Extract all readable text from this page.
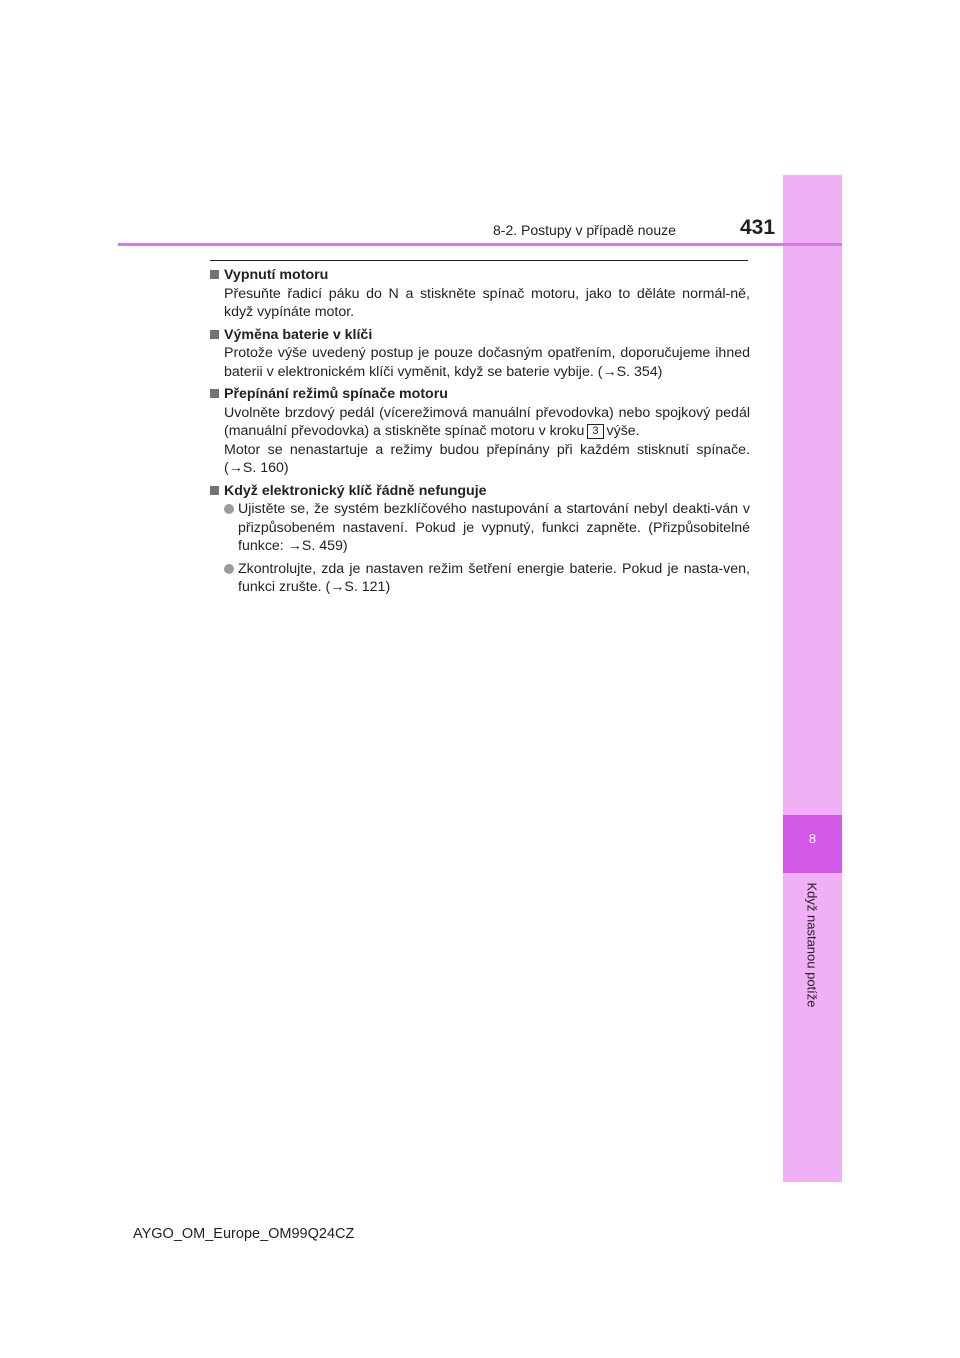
8
Když nastanou potíže
8-2. Postupy v případě nouze	431
Vypnutí motoru
Přesuňte řadicí páku do N a stiskněte spínač motoru, jako to děláte normál-ně, když vypínáte motor.
Výměna baterie v klíči
Protože výše uvedený postup je pouze dočasným opatřením, doporučujeme ihned baterii v elektronickém klíči vyměnit, když se baterie vybije. (→S. 354)
Přepínání režimů spínače motoru
Uvolněte brzdový pedál (vícerežimová manuální převodovka) nebo spojkový pedál (manuální převodovka) a stiskněte spínač motoru v kroku 3 výše.
Motor se nenastartuje a režimy budou přepínány při každém stisknutí spínače. (→S. 160)
Když elektronický klíč řádně nefunguje
Ujistěte se, že systém bezklíčového nastupování a startování nebyl deakti-ván v přizpůsobeném nastavení. Pokud je vypnutý, funkci zapněte. (Přizpůsobitelné funkce: →S. 459)
Zkontrolujte, zda je nastaven režim šetření energie baterie. Pokud je nasta-ven, funkci zrušte. (→S. 121)
AYGO_OM_Europe_OM99Q24CZ
